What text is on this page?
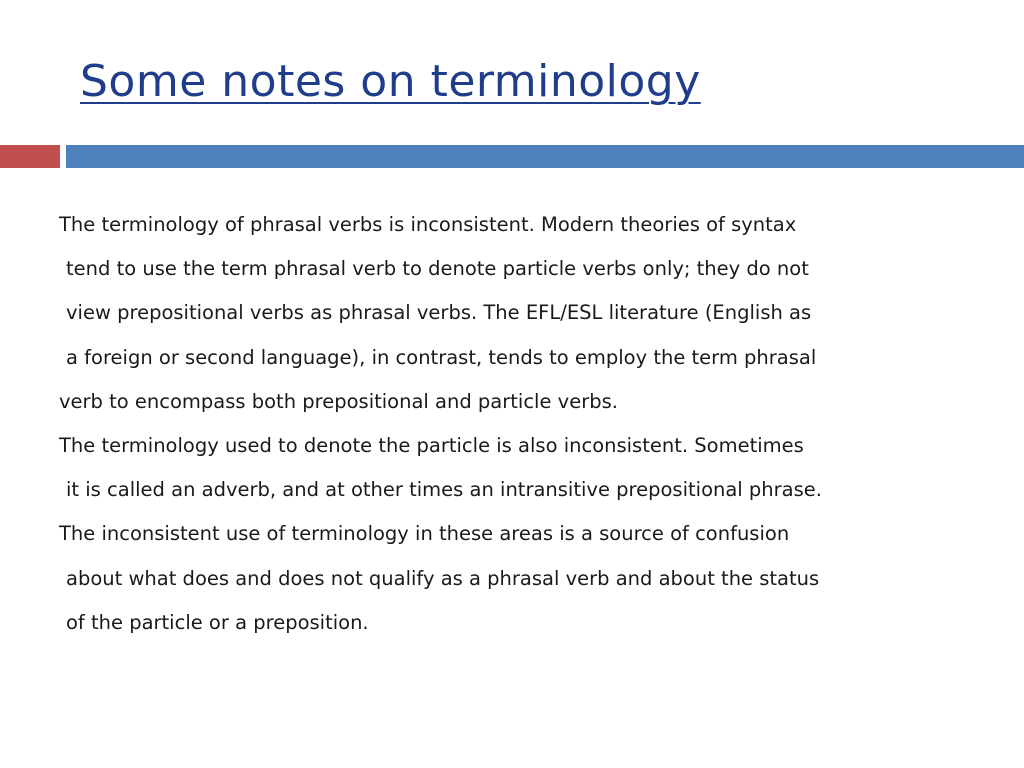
Some notes on terminology
The terminology of phrasal verbs is inconsistent. Modern theories of syntax
tend to use the term phrasal verb to denote particle verbs only; they do not
view prepositional verbs as phrasal verbs. The EFL/ESL literature (English as
a foreign or second language), in contrast, tends to employ the term phrasal
verb to encompass both prepositional and particle verbs.
The terminology used to denote the particle is also inconsistent. Sometimes
it is called an adverb, and at other times an intransitive prepositional phrase.
The inconsistent use of terminology in these areas is a source of confusion
about what does and does not qualify as a phrasal verb and about the status
of the particle or a preposition.
